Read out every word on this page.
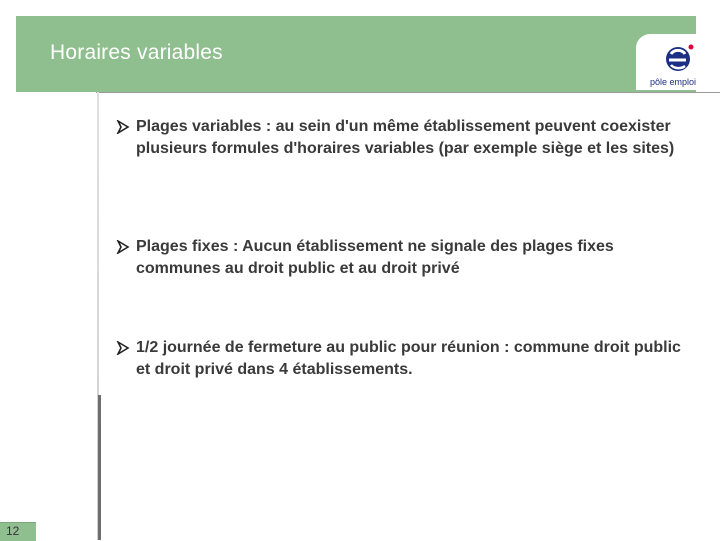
Horaires variables
pôle emploi
Plages variables : au sein d'un même établissement peuvent coexister plusieurs formules d'horaires variables (par exemple siège et les sites)
Plages fixes : Aucun établissement ne signale des plages fixes communes au droit public et au droit privé
1/2 journée de fermeture au public pour réunion : commune droit public et droit privé dans 4 établissements.
12
